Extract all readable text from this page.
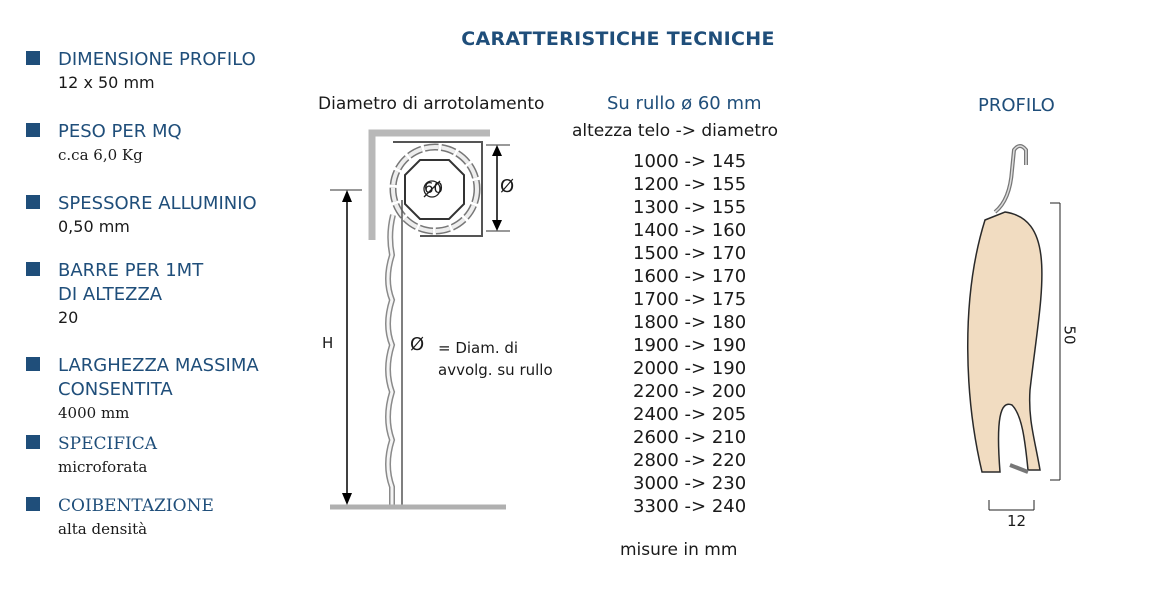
CARATTERISTICHE TECNICHE
DIMENSIONE PROFILO
12 x 50 mm
PESO PER MQ
c.ca 6,0 Kg
SPESSORE ALLUMINIO
0,50 mm
BARRE PER 1MT
DI ALTEZZA
20
LARGHEZZA MASSIMA
CONSENTITA
4000 mm
SPECIFICA
microforata
COIBENTAZIONE
alta densità
Diametro di arrotolamento
60	Ø
H	Ø = Diam. di
avvolg. su rullo
Su rullo ø 60 mm
altezza telo -> diametro
1000 -> 145
1200 -> 155
1300 -> 155
1400 -> 160
1500 -> 170
1600 -> 170
1700 -> 175
1800 -> 180
1900 -> 190
2000 -> 190
2200 -> 200
2400 -> 205
2600 -> 210
2800 -> 220
3000 -> 230
3300 -> 240
misure in mm
PROFILO
50
12
